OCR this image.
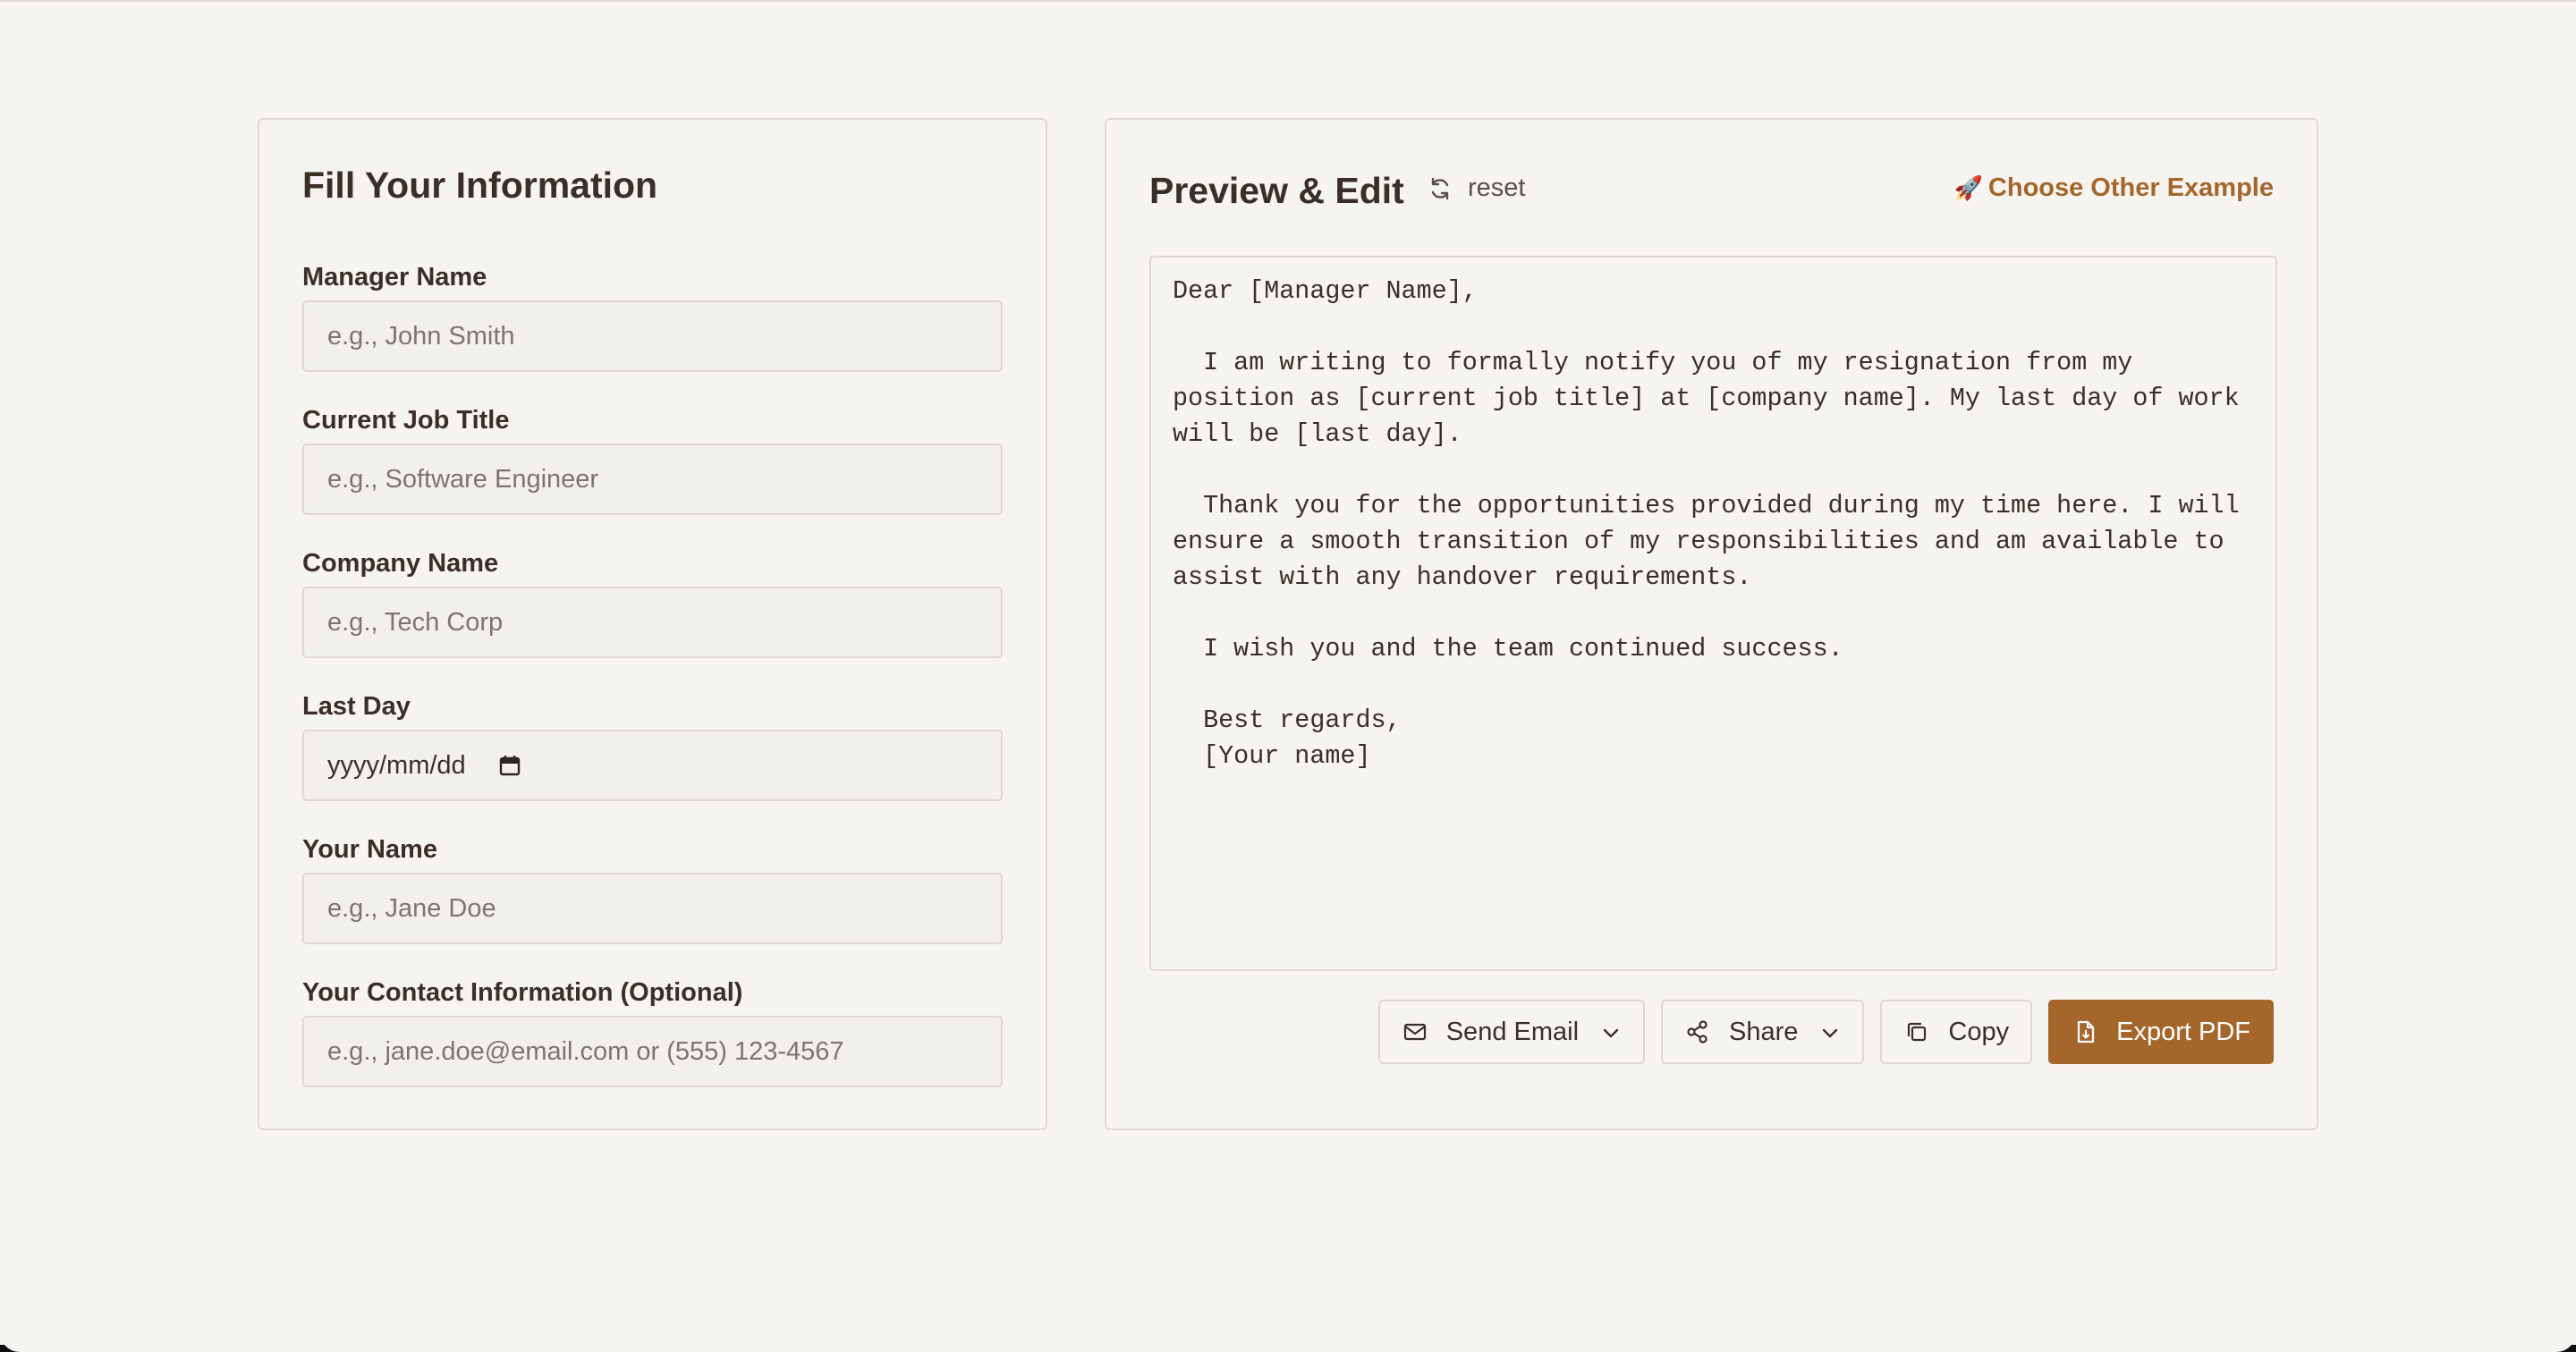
Fill Your Information
Manager Name
e.g., John Smith
Current Job Title
e.g., Software Engineer
Company Name
e.g., Tech Corp
Last Day
yyyy/mm/dd
Your Name
e.g., Jane Doe
Your Contact Information (Optional)
e.g., jane.doe@email.com or (555) 123-4567
Preview & Edit reset	🚀 Choose Other Example
Dear [Manager Name], I am writing to formally notify you of my resignation from my position as [current job title] at [company name]. My last day of work will be [last day]. Thank you for the opportunities provided during my time here. I will ensure a smooth transition of my responsibilities and am available to assist with any handover requirements. I wish you and the team continued success. Best regards, [Your name]
Send Email	Share	Copy	Export PDF
